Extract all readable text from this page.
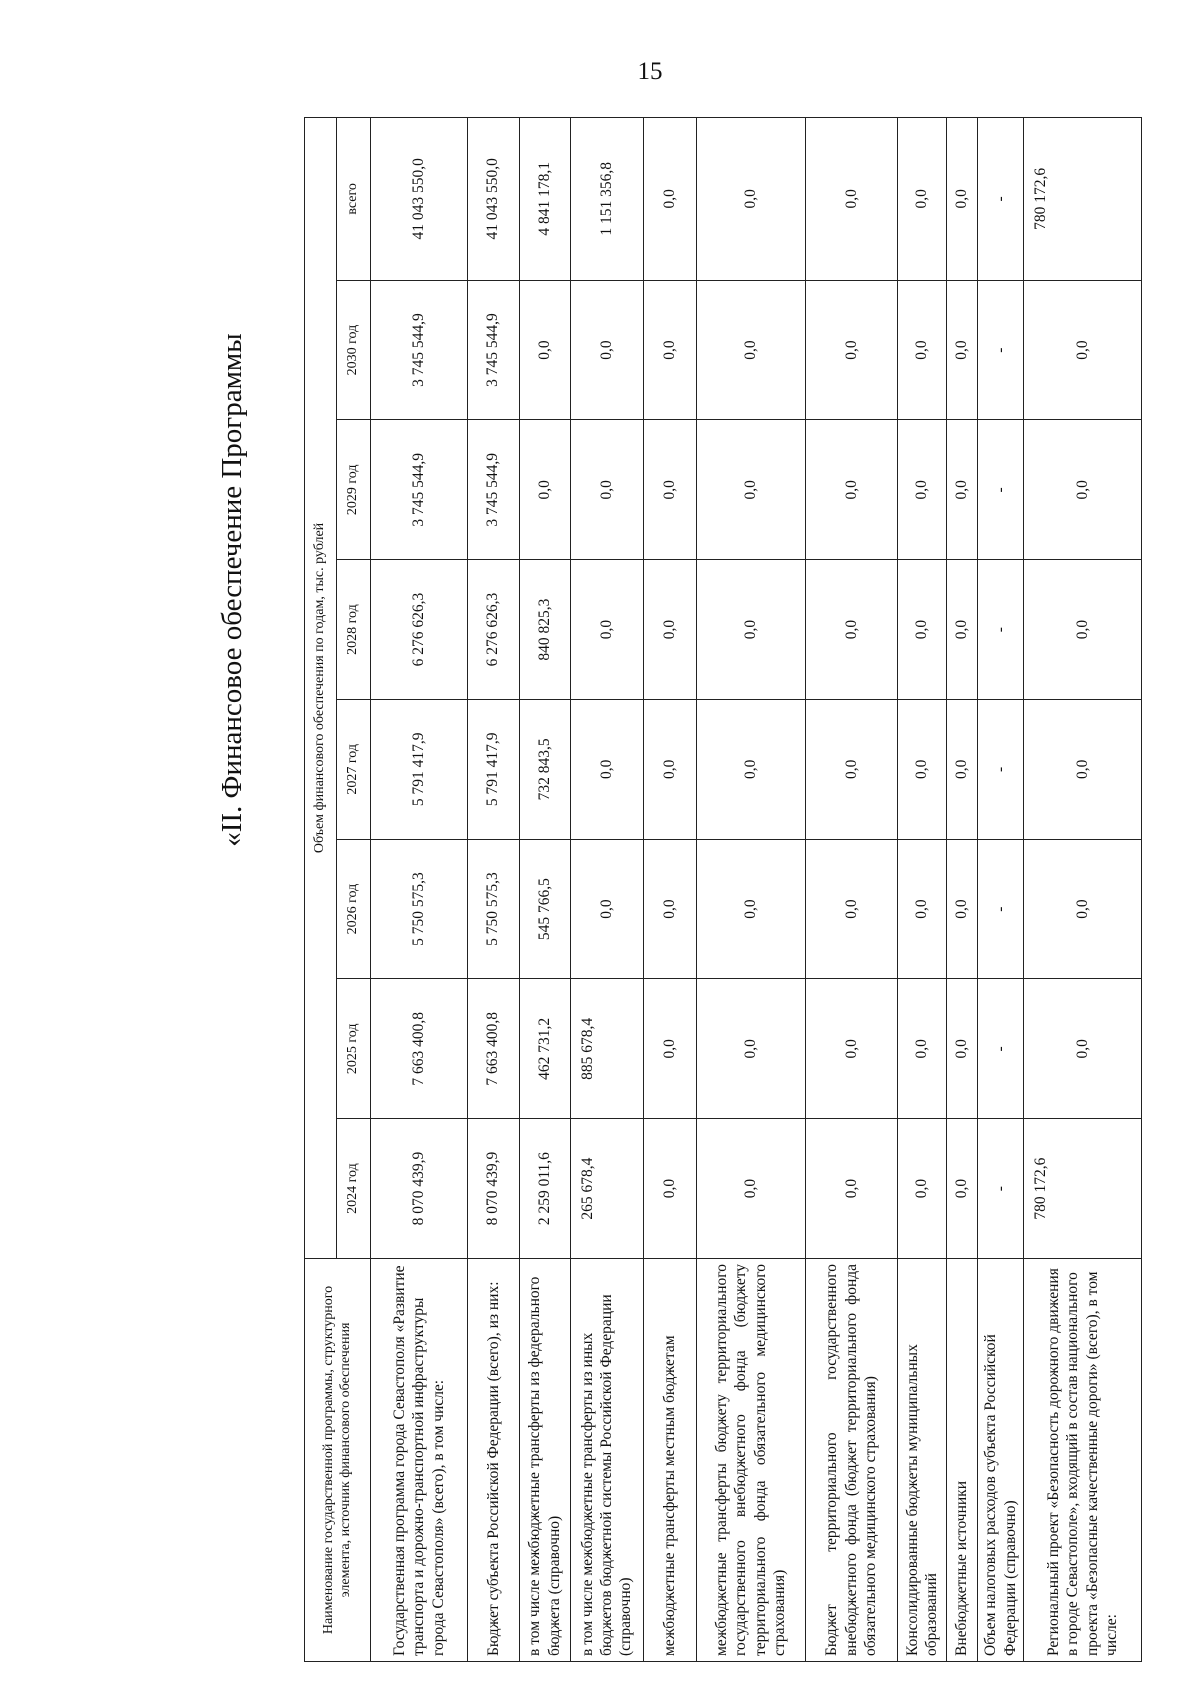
15
«II. Финансовое обеспечение Программы
Наименование государственной программы, структурного элемента, источник финансового обеспечения	Объем финансового обеспечения по годам, тыс. рублей							
	2024 год	2025 год	2026 год	2027 год	2028 год	2029 год	2030 год	всего
Государственная программа города Севастополя «Развитие транспорта и дорожно-транспортной инфраструктуры города Севастополя» (всего), в том числе:	8 070 439,9	7 663 400,8	5 750 575,3	5 791 417,9	6 276 626,3	3 745 544,9	3 745 544,9	41 043 550,0
Бюджет субъекта Российской Федерации (всего), из них:	8 070 439,9	7 663 400,8	5 750 575,3	5 791 417,9	6 276 626,3	3 745 544,9	3 745 544,9	41 043 550,0
в том числе межбюджетные трансферты из федерального бюджета (справочно)	2 259 011,6	462 731,2	545 766,5	732 843,5	840 825,3	0,0	0,0	4 841 178,1
в том числе межбюджетные трансферты из иных бюджетов бюджетной системы Российской Федерации (справочно)	265 678,4	885 678,4	0,0	0,0	0,0	0,0	0,0	1 151 356,8
межбюджетные трансферты местным бюджетам	0,0	0,0	0,0	0,0	0,0	0,0	0,0	0,0
межбюджетные трансферты бюджету территориального государственного внебюджетного фонда (бюджету территориального фонда обязательного медицинского страхования)	0,0	0,0	0,0	0,0	0,0	0,0	0,0	0,0
Бюджет территориального государственного внебюджетного фонда (бюджет территориального фонда обязательного медицинского страхования)	0,0	0,0	0,0	0,0	0,0	0,0	0,0	0,0
Консолидированные бюджеты муниципальных образований	0,0	0,0	0,0	0,0	0,0	0,0	0,0	0,0
Внебюджетные источники	0,0	0,0	0,0	0,0	0,0	0,0	0,0	0,0
Объем налоговых расходов субъекта Российской Федерации (справочно)	-	-	-	-	-	-	-	-
Региональный проект «Безопасность дорожного движения в городе Севастополе», входящий в состав национального проекта «Безопасные качественные дороги» (всего), в том числе:	780 172,6	0,0	0,0	0,0	0,0	0,0	0,0	780 172,6
